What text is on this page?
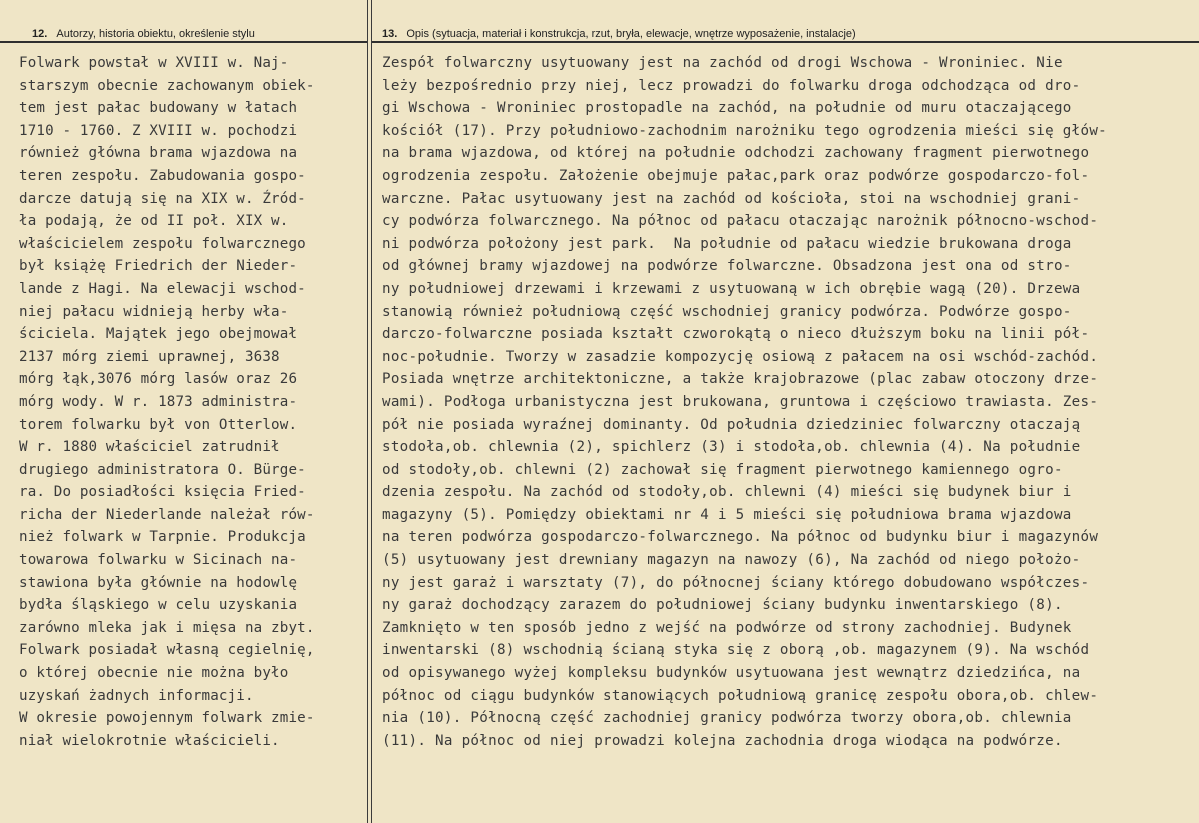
12. Autorzy, historia obiektu, określenie stylu
Folwark powstał w XVIII w. Naj-
starszym obecnie zachowanym obiek-
tem jest pałac budowany w łatach
1710 - 1760. Z XVIII w. pochodzi
również główna brama wjazdowa na
teren zespołu. Zabudowania gospo-
darcze datują się na XIX w. Źród-
ła podają, że od II poł. XIX w.
właścicielem zespołu folwarcznego
był książę Friedrich der Nieder-
lande z Hagi. Na elewacji wschod-
niej pałacu widnieją herby wła-
ściciela. Majątek jego obejmował
2137 mórg ziemi uprawnej, 3638
mórg łąk,3076 mórg lasów oraz 26
mórg wody. W r. 1873 administra-
torem folwarku był von Otterlow.
W r. 1880 właściciel zatrudnił
drugiego administratora O. Bürge-
ra. Do posiadłości księcia Fried-
richa der Niederlande należał rów-
nież folwark w Tarpnie. Produkcja
towarowa folwarku w Sicinach na-
stawiona była głównie na hodowlę
bydła śląskiego w celu uzyskania
zarówno mleka jak i mięsa na zbyt.
Folwark posiadał własną cegielnię,
o której obecnie nie można było
uzyskań żadnych informacji.
W okresie powojennym folwark zmie-
niał wielokrotnie właścicieli.
13. Opis (sytuacja, materiał i konstrukcja, rzut, bryła, elewacje, wnętrze wyposażenie, instalacje)
Zespół folwarczny usytuowany jest na zachód od drogi Wschowa - Wroniniec. Nie
leży bezpośrednio przy niej, lecz prowadzi do folwarku droga odchodząca od dro-
gi Wschowa - Wroniniec prostopadle na zachód, na południe od muru otaczającego
kościół (17). Przy południowo-zachodnim narożniku tego ogrodzenia mieści się głów-
na brama wjazdowa, od której na południe odchodzi zachowany fragment pierwotnego
ogrodzenia zespołu. Założenie obejmuje pałac,park oraz podwórze gospodarczo-fol-
warczne. Pałac usytuowany jest na zachód od kościoła, stoi na wschodniej grani-
cy podwórza folwarcznego. Na północ od pałacu otaczając narożnik północno-wschod-
ni podwórza położony jest park.  Na południe od pałacu wiedzie brukowana droga
od głównej bramy wjazdowej na podwórze folwarczne. Obsadzona jest ona od stro-
ny południowej drzewami i krzewami z usytuowaną w ich obrębie wagą (20). Drzewa
stanowią również południową część wschodniej granicy podwórza. Podwórze gospo-
darczo-folwarczne posiada kształt czworokątą o nieco dłuższym boku na linii pół-
noc-południe. Tworzy w zasadzie kompozycję osiową z pałacem na osi wschód-zachód.
Posiada wnętrze architektoniczne, a także krajobrazowe (plac zabaw otoczony drze-
wami). Podłoga urbanistyczna jest brukowana, gruntowa i częściowo trawiasta. Zes-
pół nie posiada wyraźnej dominanty. Od południa dziedziniec folwarczny otaczają
stodoła,ob. chlewnia (2), spichlerz (3) i stodoła,ob. chlewnia (4). Na południe
od stodoły,ob. chlewni (2) zachował się fragment pierwotnego kamiennego ogro-
dzenia zespołu. Na zachód od stodoły,ob. chlewni (4) mieści się budynek biur i
magazyny (5). Pomiędzy obiektami nr 4 i 5 mieści się południowa brama wjazdowa
na teren podwórza gospodarczo-folwarcznego. Na północ od budynku biur i magazynów
(5) usytuowany jest drewniany magazyn na nawozy (6), Na zachód od niego położo-
ny jest garaż i warsztaty (7), do północnej ściany którego dobudowano współczes-
ny garaż dochodzący zarazem do południowej ściany budynku inwentarskiego (8).
Zamknięto w ten sposób jedno z wejść na podwórze od strony zachodniej. Budynek
inwentarski (8) wschodnią ścianą styka się z oborą ,ob. magazynem (9). Na wschód
od opisywanego wyżej kompleksu budynków usytuowana jest wewnątrz dziedzińca, na
północ od ciągu budynków stanowiących południową granicę zespołu obora,ob. chlew-
nia (10). Północną część zachodniej granicy podwórza tworzy obora,ob. chlewnia
(11). Na północ od niej prowadzi kolejna zachodnia droga wiodąca na podwórze.
